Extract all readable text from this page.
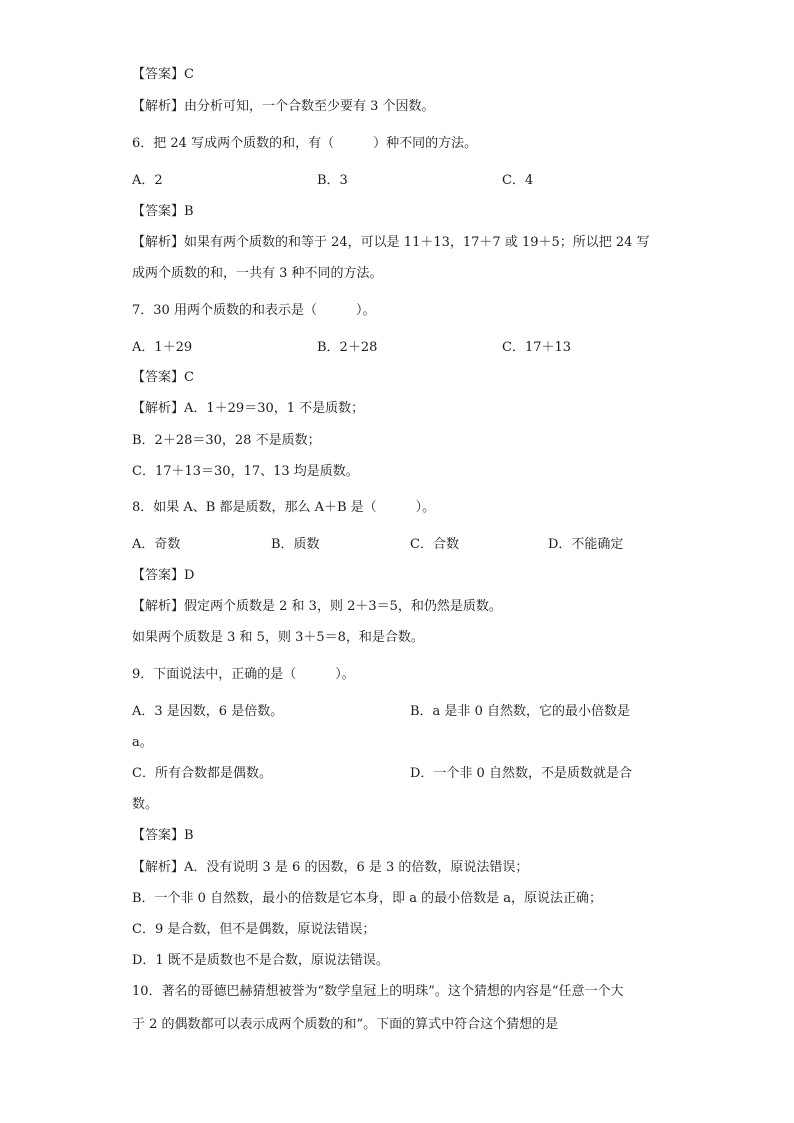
【答案】C
【解析】由分析可知，一个合数至少要有 3 个因数。
6．把 24 写成两个质数的和，有（　　　）种不同的方法。
A．2	B．3	C．4
【答案】B
【解析】如果有两个质数的和等于 24，可以是 11＋13，17＋7 或 19＋5；所以把 24 写
成两个质数的和，一共有 3 种不同的方法。
7．30 用两个质数的和表示是（　　　）。
A．1＋29	B．2＋28	C．17＋13
【答案】C
【解析】A．1＋29＝30，1 不是质数；
B．2＋28＝30，28 不是质数；
C．17＋13＝30，17、13 均是质数。
8．如果 A、B 都是质数，那么 A＋B 是（　　　）。
A．奇数	B．质数	C．合数	D．不能确定
【答案】D
【解析】假定两个质数是 2 和 3，则 2＋3＝5，和仍然是质数。
如果两个质数是 3 和 5，则 3＋5＝8，和是合数。
9．下面说法中，正确的是（　　　）。
A．3 是因数，6 是倍数。	B．a 是非 0 自然数，它的最小倍数是
a。
C．所有合数都是偶数。	D．一个非 0 自然数，不是质数就是合
数。
【答案】B
【解析】A．没有说明 3 是 6 的因数，6 是 3 的倍数，原说法错误；
B．一个非 0 自然数，最小的倍数是它本身，即 a 的最小倍数是 a，原说法正确；
C．9 是合数，但不是偶数，原说法错误；
D．1 既不是质数也不是合数，原说法错误。
10．著名的哥德巴赫猜想被誉为“数学皇冠上的明珠”。这个猜想的内容是“任意一个大
于 2 的偶数都可以表示成两个质数的和”。下面的算式中符合这个猜想的是
